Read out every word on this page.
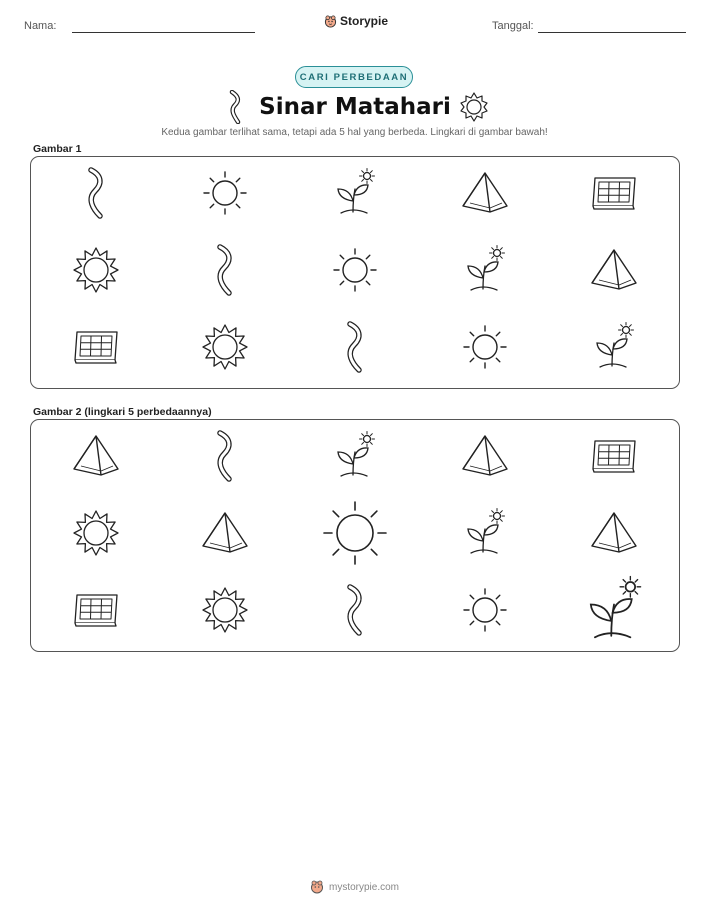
Nama:	Storypie	Tanggal:
CARI PERBEDAAN
Sinar Matahari
Kedua gambar terlihat sama, tetapi ada 5 hal yang berbeda. Lingkari di gambar bawah!
Gambar 1
Gambar 2 (lingkari 5 perbedaannya)
mystorypie.com
